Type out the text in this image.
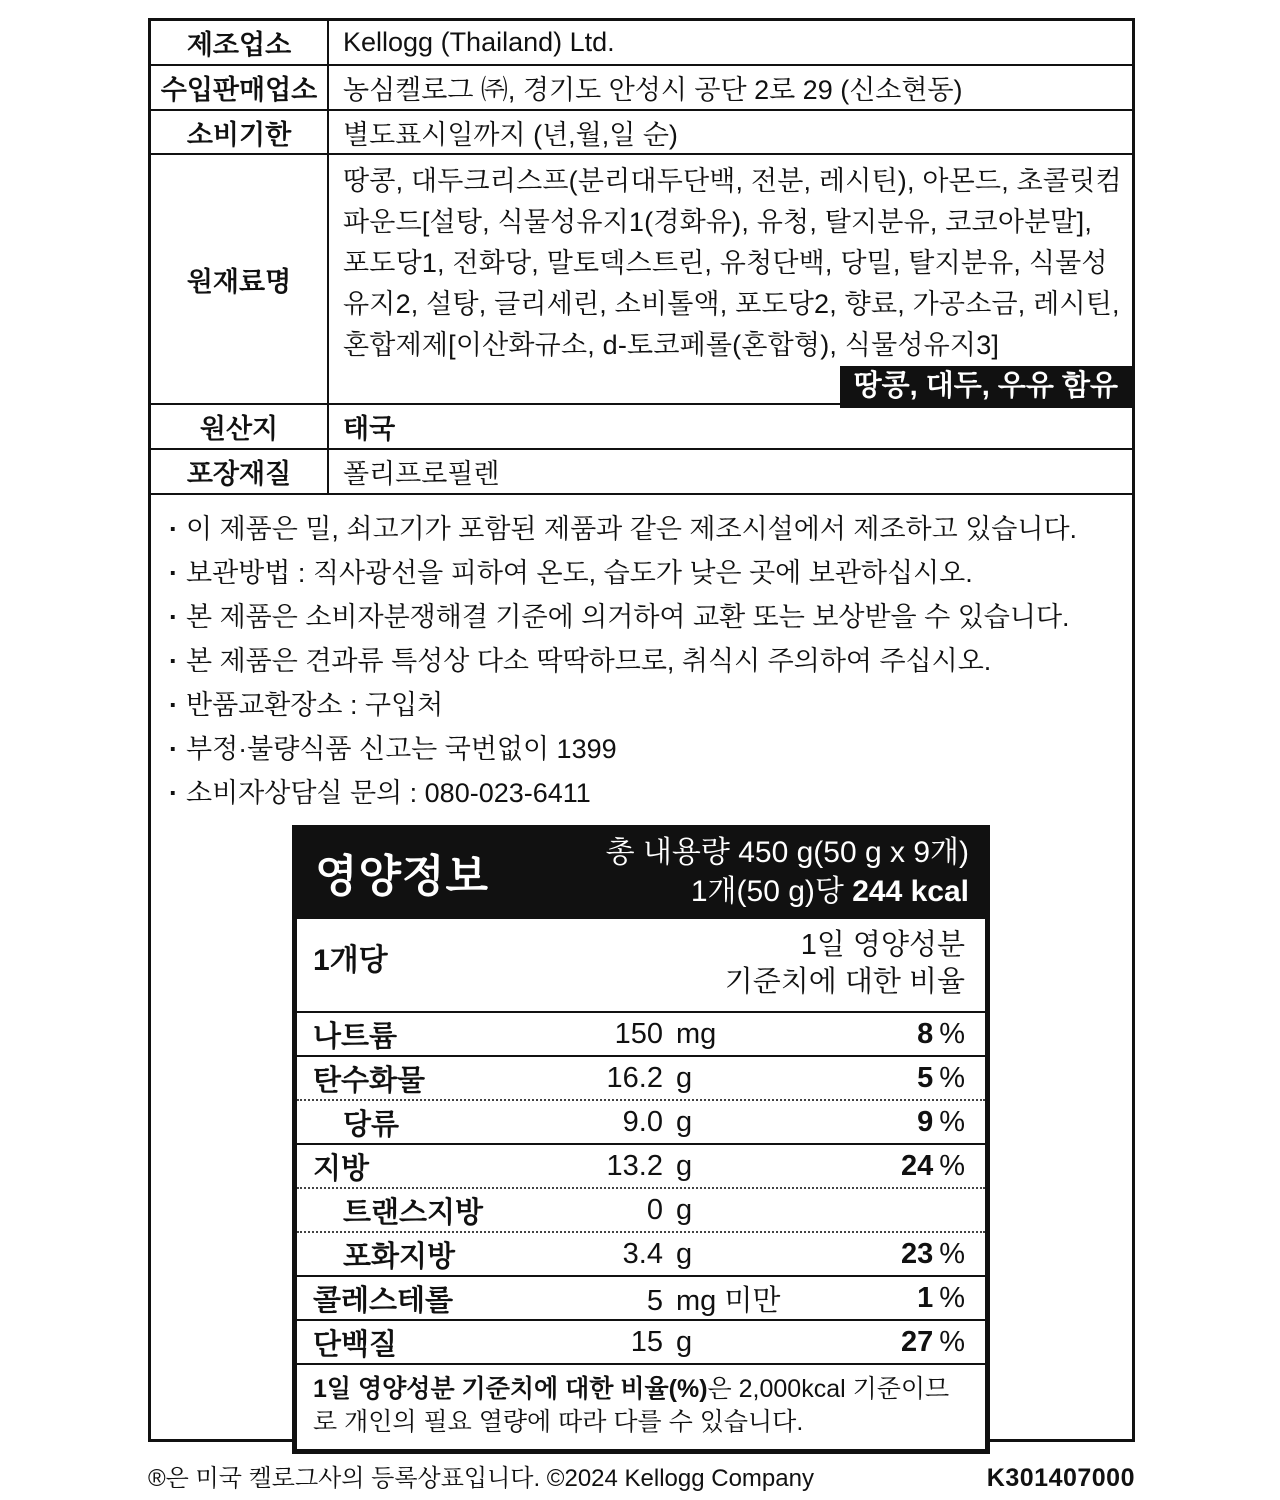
제조업소	Kellogg (Thailand) Ltd.
수입판매업소 농심켈로그 ㈜, 경기도 안성시 공단 2로 29 (신소현동)
소비기한	별도표시일까지 (년,월,일 순)
원재료명
땅콩, 대두크리스프(분리대두단백, 전분, 레시틴), 아몬드, 초콜릿컴파운드[설탕, 식물성유지1(경화유), 유청, 탈지분유, 코코아분말], 포도당1, 전화당, 말토덱스트린, 유청단백, 당밀, 탈지분유, 식물성유지2, 설탕, 글리세린, 소비톨액, 포도당2, 향료, 가공소금, 레시틴, 혼합제제[이산화규소, d-토코페롤(혼합형), 식물성유지3]
땅콩, 대두, 우유 함유
원산지	태국
포장재질	폴리프로필렌
· 이 제품은 밀, 쇠고기가 포함된 제품과 같은 제조시설에서 제조하고 있습니다.
· 보관방법 : 직사광선을 피하여 온도, 습도가 낮은 곳에 보관하십시오.
· 본 제품은 소비자분쟁해결 기준에 의거하여 교환 또는 보상받을 수 있습니다.
· 본 제품은 견과류 특성상 다소 딱딱하므로, 취식시 주의하여 주십시오.
· 반품교환장소 : 구입처
· 부정·불량식품 신고는 국번없이 1399
· 소비자상담실 문의 : 080-023-6411
영양정보	총 내용량 450 g(50 g x 9개)
1개(50 g)당 244 kcal
1개당	1일 영양성분
기준치에 대한 비율
나트륨	150 mg	8 %
탄수화물	16.2 g	5 %
당류	9.0 g	9 %
지방	13.2 g	24 %
트랜스지방	0 g
포화지방	3.4 g	23 %
콜레스테롤	5 mg 미만	1 %
단백질	15 g	27 %
1일 영양성분 기준치에 대한 비율(%)은 2,000kcal 기준이므로 개인의 필요 열량에 따라 다를 수 있습니다.
®은 미국 켈로그사의 등록상표입니다. ©2024 Kellogg Company	K301407000
